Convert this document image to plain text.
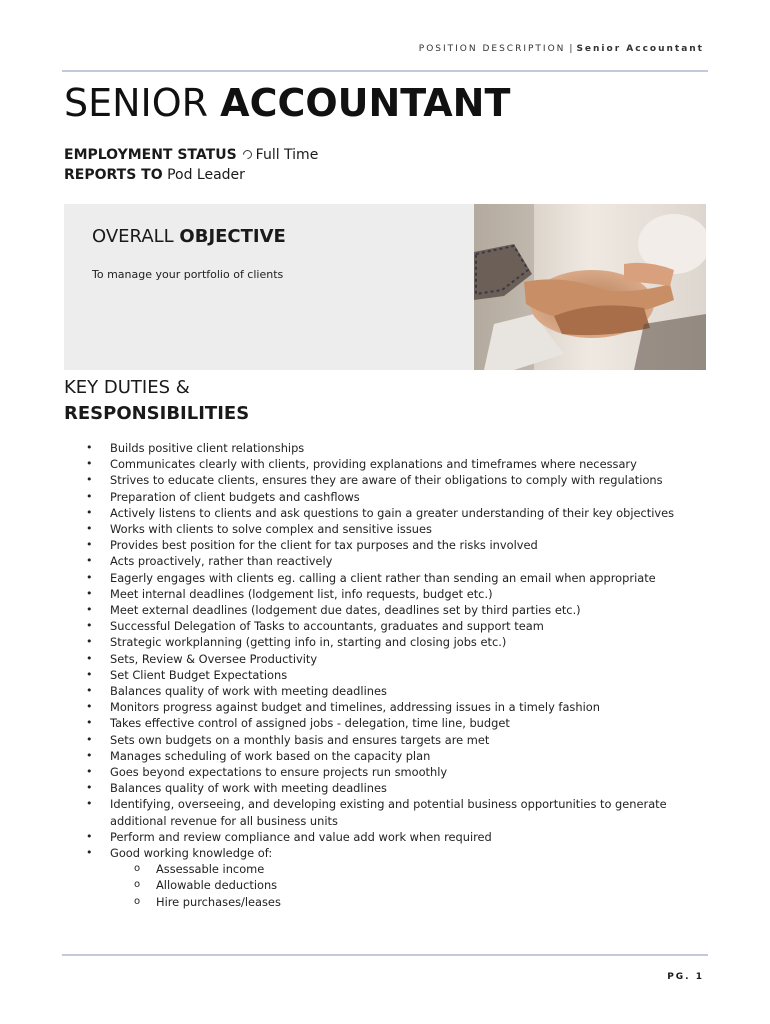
POSITION DESCRIPTION | Senior Accountant
SENIOR ACCOUNTANT
EMPLOYMENT STATUS Full Time
REPORTS TO Pod Leader
OVERALL OBJECTIVE
To manage your portfolio of clients
KEY DUTIES &
RESPONSIBILITIES
• Builds positive client relationships
• Communicates clearly with clients, providing explanations and timeframes where necessary
• Strives to educate clients, ensures they are aware of their obligations to comply with regulations
• Preparation of client budgets and cashflows
• Actively listens to clients and ask questions to gain a greater understanding of their key objectives
• Works with clients to solve complex and sensitive issues
• Provides best position for the client for tax purposes and the risks involved
• Acts proactively, rather than reactively
• Eagerly engages with clients eg. calling a client rather than sending an email when appropriate
• Meet internal deadlines (lodgement list, info requests, budget etc.)
• Meet external deadlines (lodgement due dates, deadlines set by third parties etc.)
• Successful Delegation of Tasks to accountants, graduates and support team
• Strategic workplanning (getting info in, starting and closing jobs etc.)
• Sets, Review & Oversee Productivity
• Set Client Budget Expectations
• Balances quality of work with meeting deadlines
• Monitors progress against budget and timelines, addressing issues in a timely fashion
• Takes effective control of assigned jobs - delegation, time line, budget
• Sets own budgets on a monthly basis and ensures targets are met
• Manages scheduling of work based on the capacity plan
• Goes beyond expectations to ensure projects run smoothly
• Balances quality of work with meeting deadlines
• Identifying, overseeing, and developing existing and potential business opportunities to generate additional revenue for all business units
• Perform and review compliance and value add work when required
• Good working knowledge of:
o Assessable income
o Allowable deductions
o Hire purchases/leases
PG. 1
